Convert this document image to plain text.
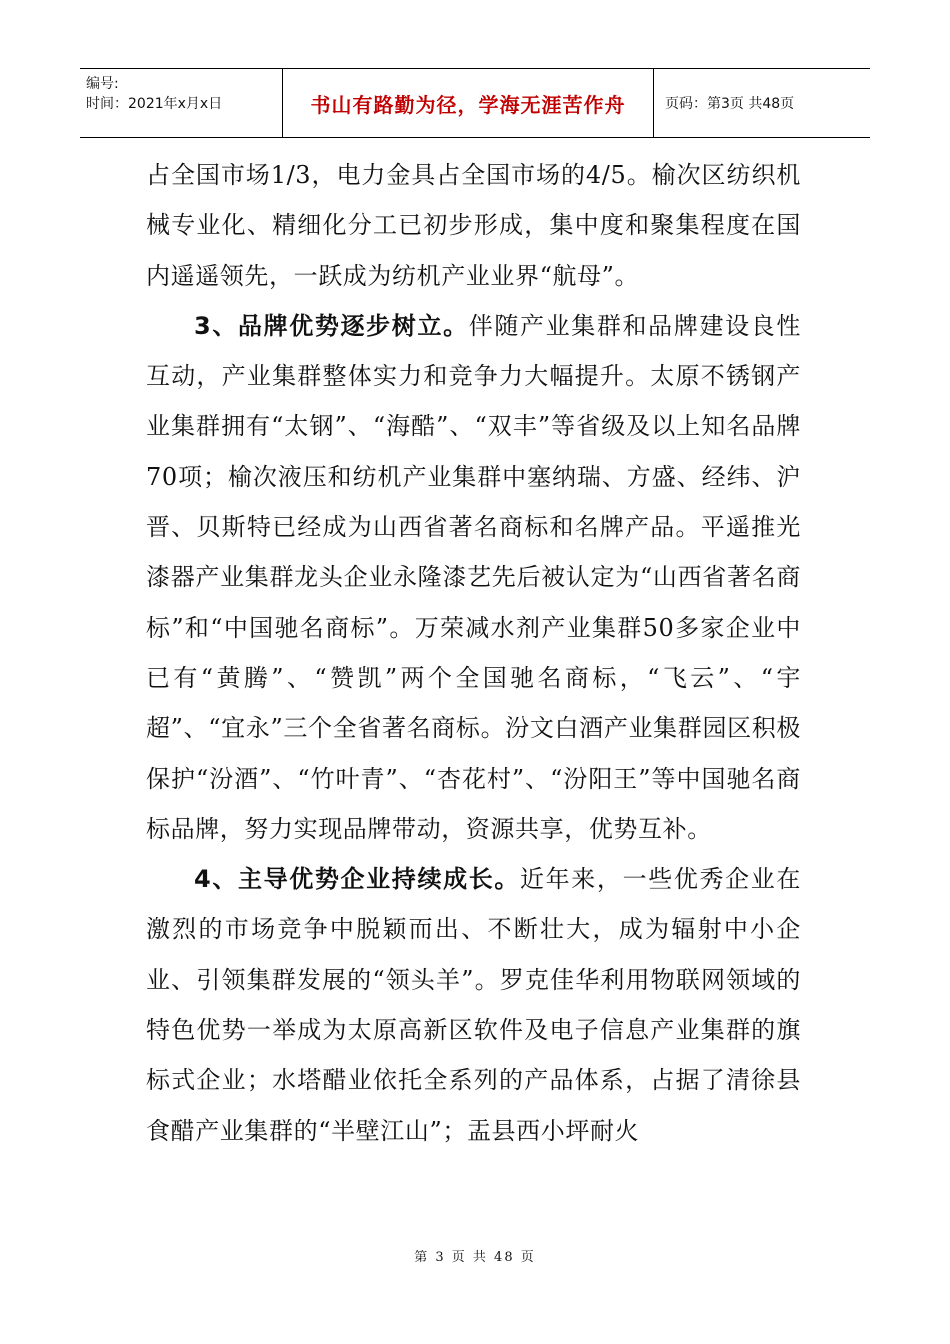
编号:
时间：2021年x月x日	书山有路勤为径，学海无涯苦作舟	页码：第3页 共48页

占全国市场1/3，电力金具占全国市场的4/5。榆次区纺织机械专业化、精细化分工已初步形成，集中度和聚集程度在国内遥遥领先，一跃成为纺机产业业界“航母”。

3、品牌优势逐步树立。伴随产业集群和品牌建设良性互动，产业集群整体实力和竞争力大幅提升。太原不锈钢产业集群拥有“太钢”、“海酷”、“双丰”等省级及以上知名品牌70项；榆次液压和纺机产业集群中塞纳瑞、方盛、经纬、沪晋、贝斯特已经成为山西省著名商标和名牌产品。平遥推光漆器产业集群龙头企业永隆漆艺先后被认定为“山西省著名商标”和“中国驰名商标”。万荣减水剂产业集群50多家企业中已有“黄腾”、“赞凯”两个全国驰名商标，“飞云”、“宇超”、“宜永”三个全省著名商标。汾文白酒产业集群园区积极保护“汾酒”、“竹叶青”、“杏花村”、“汾阳王”等中国驰名商标品牌，努力实现品牌带动，资源共享，优势互补。

4、主导优势企业持续成长。近年来，一些优秀企业在激烈的市场竞争中脱颖而出、不断壮大，成为辐射中小企业、引领集群发展的“领头羊”。罗克佳华利用物联网领域的特色优势一举成为太原高新区软件及电子信息产业集群的旗标式企业；水塔醋业依托全系列的产品体系，占据了清徐县食醋产业集群的“半壁江山”；盂县西小坪耐火

第 3 页 共 48 页
